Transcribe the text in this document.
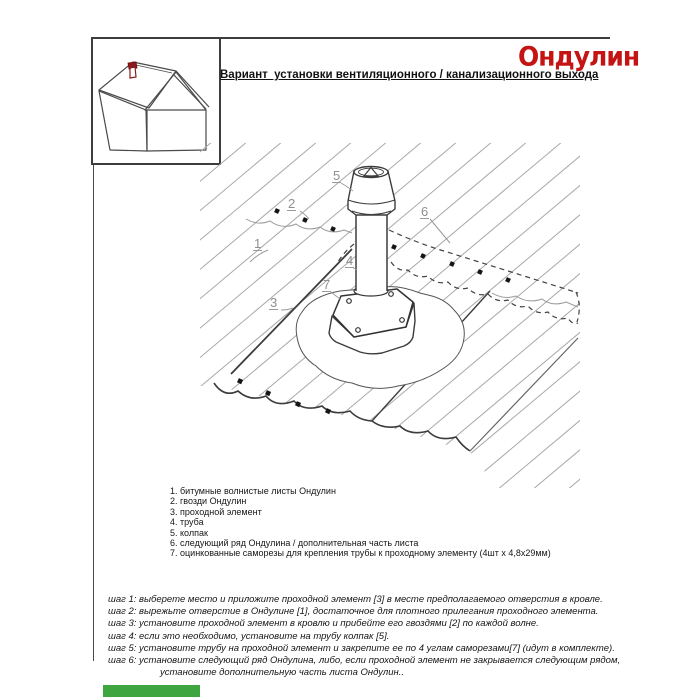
Ондулин
Вариант  установки вентиляционного / канализационного выхода
1
2
3
4
5
6
7
1. битумные волнистые листы Ондулин
2. гвозди Ондулин
3. проходной элемент
4. труба
5. колпак
6. следующий ряд Ондулина / дополнительная часть листа
7. оцинкованные саморезы для крепления трубы к проходному элементу (4шт х 4,8х29мм)
шаг 1: выберете место и приложите проходной элемент [3] в месте предполагаемого отверстия в кровле.
шаг 2: вырежьте отверстие в Ондулине [1], достаточное для плотного прилегания проходного элемента.
шаг 3: установите проходной элемент в кровлю и прибейте его гвоздями [2] по каждой волне.
шаг 4: если это необходимо, установите на трубу колпак [5].
шаг 5: установите трубу на проходной элемент и закрепите ее по 4 углам саморезами[7] (идут в комплекте).
шаг 6: установите следующий ряд Ондулина, либо, если проходной элемент не закрывается следующим рядом,
установите дополнительную часть листа Ондулин..
